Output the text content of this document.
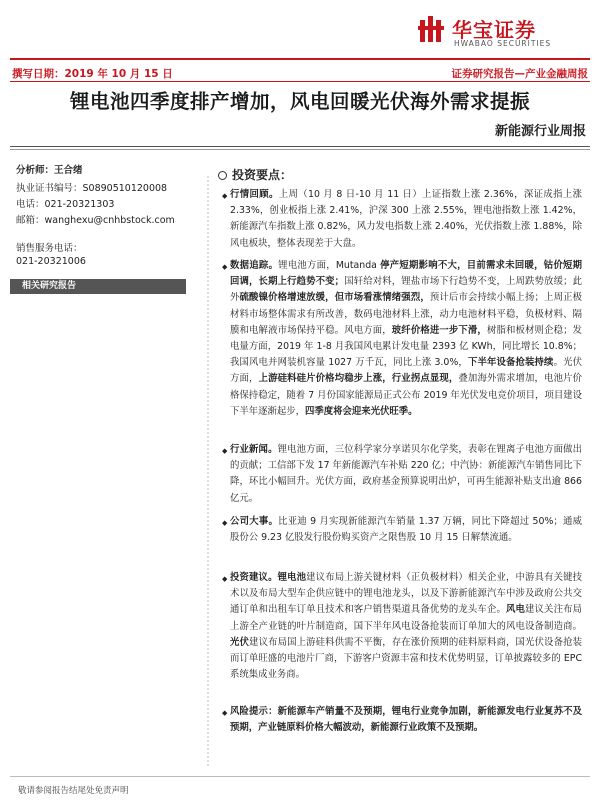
华宝证券
HWABAO SECURITIES
撰写日期：2019 年 10 月 15 日	证券研究报告—产业金融周报
锂电池四季度排产增加，风电回暖光伏海外需求提振
新能源行业周报
分析师：王合绪
执业证书编号：S0890510120008
电话：021-20321303
邮箱：wanghexu@cnhbstock.com
销售服务电话：
021-20321006
相关研究报告
投资要点：
◆ 行情回顾。上周（10 月 8 日-10 月 11 日）上证指数上涨 2.36%，深证成指上涨 2.33%，创业板指上涨 2.41%，沪深 300 上涨 2.55%，锂电池指数上涨 1.42%，新能源汽车指数上涨 0.82%，风力发电指数上涨 2.40%，光伏指数上涨 1.88%，除风电板块，整体表现差于大盘。
◆ 数据追踪。锂电池方面，Mutanda 停产短期影响不大，目前需求未回暖，钴价短期回调，长期上行趋势不变；国轩给对料，锂盐市场下行趋势不变，上周跌势放缓；此外硫酸镍价格增速放缓，但市场看涨情绪强烈，预计后市会持续小幅上扬；上周正极材料市场整体需求有所改善，数码电池材料上涨，动力电池材料平稳，负极材料、隔膜和电解液市场保持平稳。风电方面，玻纤价格进一步下滑，树脂和板材则企稳；发电量方面，2019 年 1-8 月我国风电累计发电量 2393 亿 KWh，同比增长 10.8%；我国风电并网装机容量 1027 万千瓦，同比上涨 3.0%，下半年设备抢装持续。光伏方面，上游硅料硅片价格均稳步上涨，行业拐点显现，叠加海外需求增加，电池片价格保持稳定，随着 7 月份国家能源局正式公布 2019 年光伏发电竞价项目，项目建设下半年逐渐起步，四季度将会迎来光伏旺季。
◆ 行业新闻。锂电池方面，三位科学家分享诺贝尔化学奖，表彰在锂离子电池方面做出的贡献；工信部下发 17 年新能源汽车补贴 220 亿；中汽协：新能源汽车销售同比下降，环比小幅回升。光伏方面，政府基金预算说明出炉，可再生能源补贴支出逾 866 亿元。
◆ 公司大事。比亚迪 9 月实现新能源汽车销量 1.37 万辆，同比下降超过 50%；通威股份公 9.23 亿股发行股份购买资产之限售股 10 月 15 日解禁流通。
◆ 投资建议。锂电池建议布局上游关键材料（正负极材料）相关企业，中游具有关键技术以及布局大型车企供应链中的锂电池龙头，以及下游新能源汽车中涉及政府公共交通订单和出租车订单且技术和客户销售渠道具备优势的龙头车企。风电建议关注布局上游全产业链的叶片制造商，国下半年风电设备抢装而订单加大的风电设备制造商。光伏建议布局国上游硅料供需不平衡，存在涨价预期的硅料原料商，国光伏设备抢装而订单旺盛的电池片厂商，下游客户资源丰富和技术优势明显，订单披露较多的 EPC 系统集成业务商。
◆ 风险提示：新能源车产销量不及预期，锂电行业竞争加剧，新能源发电行业复苏不及预期，产业链原料价格大幅波动，新能源行业政策不及预期。
敬请参阅报告结尾处免责声明
